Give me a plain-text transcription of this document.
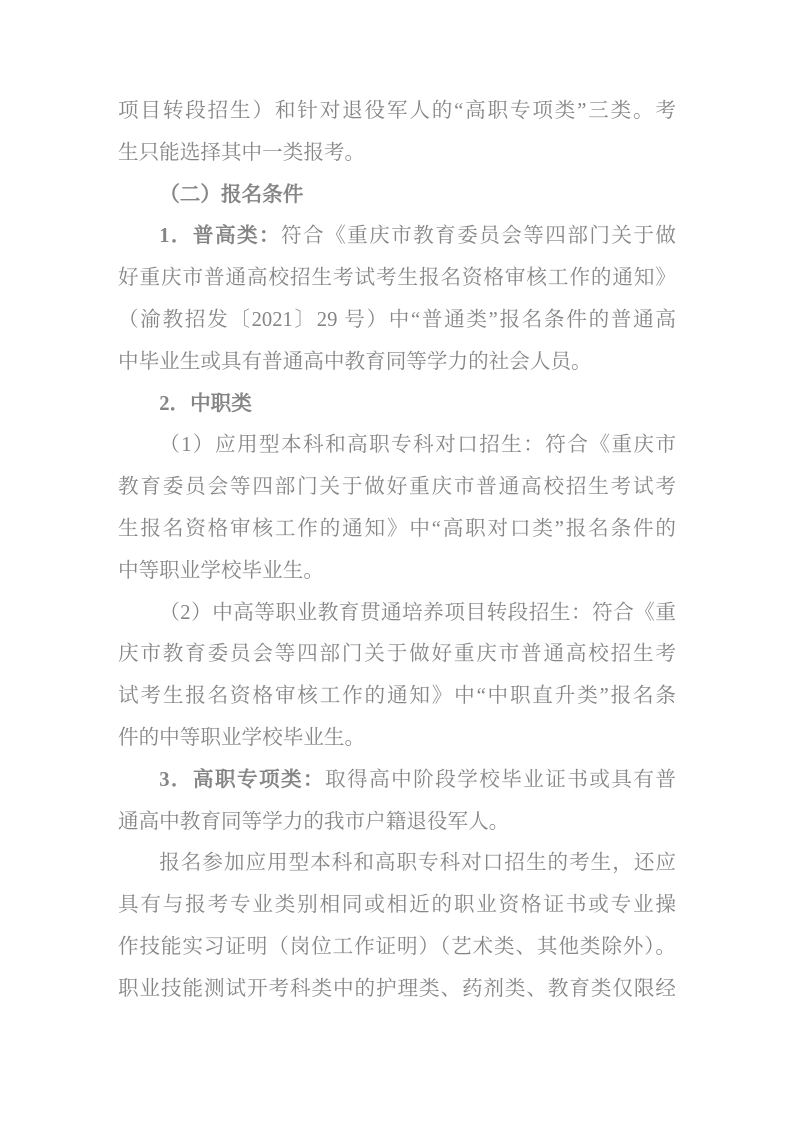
项目转段招生）和针对退役军人的“高职专项类”三类。考
生只能选择其中一类报考。
（二）报名条件
1．普高类：符合《重庆市教育委员会等四部门关于做
好重庆市普通高校招生考试考生报名资格审核工作的通知》
（渝教招发〔2021〕29 号）中“普通类”报名条件的普通高
中毕业生或具有普通高中教育同等学力的社会人员。
2．中职类
（1）应用型本科和高职专科对口招生：符合《重庆市
教育委员会等四部门关于做好重庆市普通高校招生考试考
生报名资格审核工作的通知》中“高职对口类”报名条件的
中等职业学校毕业生。
（2）中高等职业教育贯通培养项目转段招生：符合《重
庆市教育委员会等四部门关于做好重庆市普通高校招生考
试考生报名资格审核工作的通知》中“中职直升类”报名条
件的中等职业学校毕业生。
3．高职专项类：取得高中阶段学校毕业证书或具有普
通高中教育同等学力的我市户籍退役军人。
报名参加应用型本科和高职专科对口招生的考生，还应
具有与报考专业类别相同或相近的职业资格证书或专业操
作技能实习证明（岗位工作证明）（艺术类、其他类除外）。
职业技能测试开考科类中的护理类、药剂类、教育类仅限经
